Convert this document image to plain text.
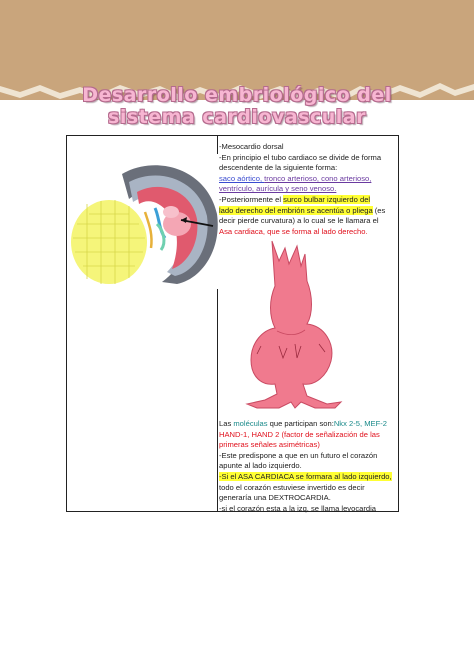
Desarrollo embriológico del
sistema cardiovascular

-Mesocardio dorsal

-En principio el tubo cardiaco se divide de forma

descendente de la siguiente forma:

saco aórtico, tronco arterioso, cono arterioso,

ventrículo, aurícula y seno venoso.

-Posteriormente el surco bulbar izquierdo del

lado derecho del embrión se acentúa o pliega (es

decir pierde curvatura) a lo cual se le llamara el

Asa cardiaca, que se forma al lado derecho.

Las moléculas que participan son:Nkx 2-5, MEF-2

HAND-1, HAND 2 (factor de señalización de las

primeras señales asimétricas)

-Este predispone a que en un futuro el corazón

apunte al lado izquierdo.

-Si el ASA CARDIACA se formara al lado izquierdo,

todo el corazón estuviese invertido es decir

generaría una DEXTROCARDIA.

-si el corazón esta a la izq. se llama levocardia
